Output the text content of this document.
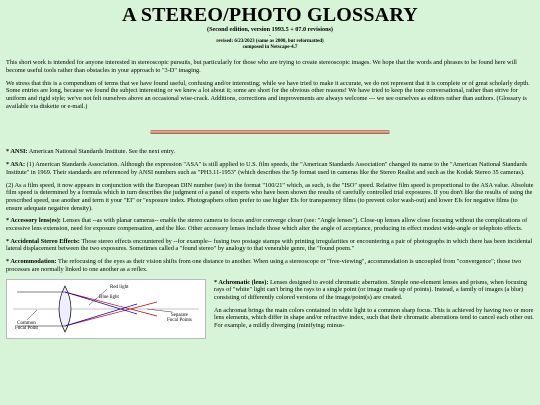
A STEREO/PHOTO GLOSSARY
(Second edition, version 1993.5 + 07.0 revisions)
-
revised: 6/23/2023 (same as 2000, but reformatted)
composed in Netscape-4.7

This short work is intended for anyone interested in stereoscopic pursuits, but particularly for those who are trying to create stereoscopic images. We hope that the words and phrases to be found here will become useful tools rather than obstacles in your approach to "3-D" imaging.

We stress that this is a compendium of terms that we have found useful, confusing and/or interesting; while we have tried to make it accurate, we do not represent that it is complete or of great scholarly depth. Some entries are long, because we found the subject interesting or we knew a lot about it; some are short for the obvious other reasons! We have tried to keep the tone conversational, rather than strive for uniform and rigid style; we've not felt ourselves above an occasional wise-crack. Additions, corrections and improvements are always welcome --- we see ourselves as editors rather than authors. (Glossary is available via diskette or e-mail.)

* ANSI: American National Standards Institute. See the next entry.

* ASA: (1) American Standards Association. Although the expression "ASA" is still applied to U.S. film speeds, the "American Standards Association" changed its name to the "American National Standards Institute" in 1969. Their standards are referenced by ANSI numbers such as "PH3.11-1953" (which describes the 5p format used in cameras like the Stereo Realist and such as the Kodak Stereo 35 cameras).

(2) As a film speed, it now appears in conjunction with the European DIN number (see) in the format "100/21" which, as such, is the "ISO" speed. Relative film speed is proportional to the ASA value. Absolute film speed is determined by a formula which in turn describes the judgment of a panel of experts who have been shown the results of carefully controlled trial exposures. If you don't like the results of using the prescribed speed, use another and term it your "EI" or "exposure index. Photographers often prefer to use higher EIs for transparency films (to prevent color wash-out) and lower EIs for negative films (to ensure adequate negative density).

* Accessory lens(es): Lenses that --as with planar cameras-- enable the stereo camera to focus and/or converge closer (see: "Angle lenses"). Close-up lenses allow close focusing without the complications of excessive lens extension, need for exposure compensation, and the like. Other accessory lenses include those which alter the angle of acceptance, producing in effect modest wide-angle or telephoto effects.

* Accidental Stereo Effects: Those stereo effects encountered by --for example-- fusing two postage stamps with printing irregularities or encountering a pair of photographs in which there has been incidental lateral displacement between the two exposures. Sometimes called a "found stereo" by analogy to that venerable genre, the "found poem."

* Accommodation: The refocusing of the eyes as their vision shifts from one distance to another. When using a stereoscope or "free-viewing", accommodation is uncoupled from "convergence"; those two processes are normally linked to one another as a reflex.

Red light
Blue light
Common
Focal Point
Separate
Focal Points

* Achromatic (lens): Lenses designed to avoid chromatic aberration. Simple one-element lenses and prisms, when focusing rays of "white" light can't bring the rays to a single point (or image made up of points). Instead, a family of images (a blur) consisting of differently colored versions of the image/point(s) are created.

An achromat brings the main colors contained in white light to a common sharp focus. This is achieved by having two or more lens elements, which differ in shape and/or refractive index, such that their chromatic aberrations tend to cancel each other out. For example, a mildly diverging (minifying; minus-
